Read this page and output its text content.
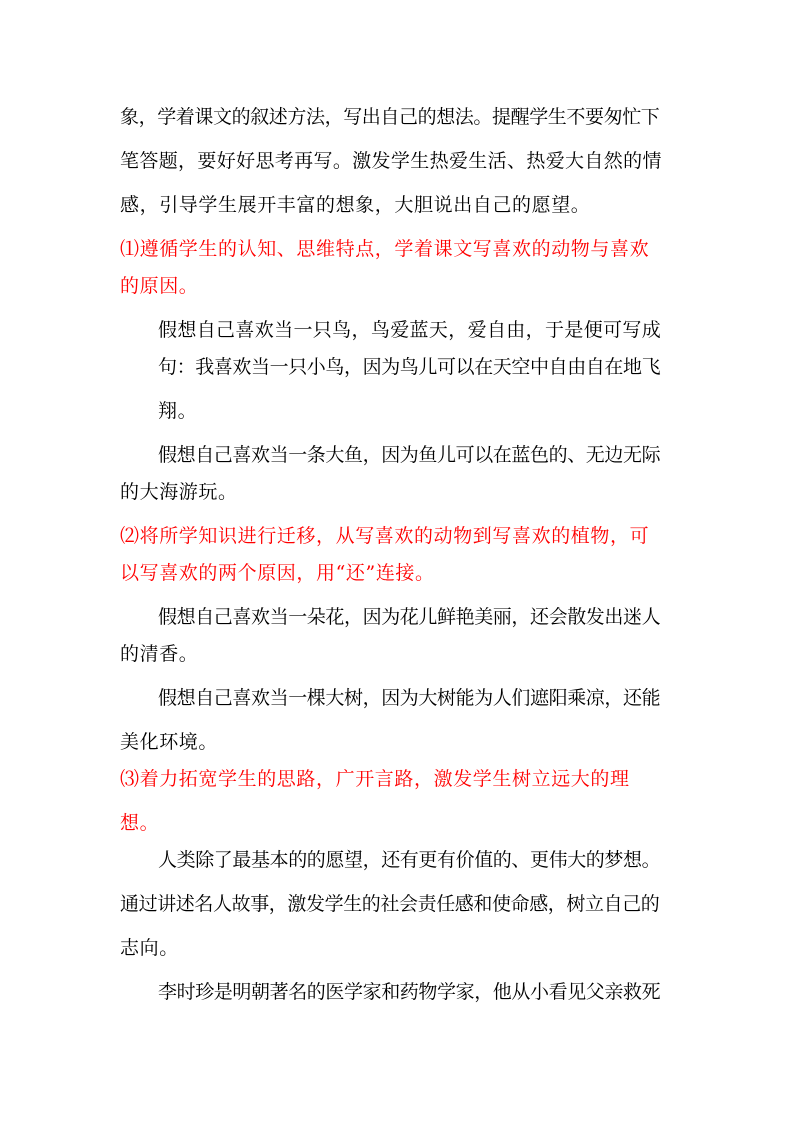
象，学着课文的叙述方法，写出自己的想法。提醒学生不要匆忙下
笔答题，要好好思考再写。激发学生热爱生活、热爱大自然的情
感，引导学生展开丰富的想象，大胆说出自己的愿望。
⑴遵循学生的认知、思维特点，学着课文写喜欢的动物与喜欢
的原因。
假想自己喜欢当一只鸟，鸟爱蓝天，爱自由，于是便可写成
句：我喜欢当一只小鸟，因为鸟儿可以在天空中自由自在地飞
翔。
假想自己喜欢当一条大鱼，因为鱼儿可以在蓝色的、无边无际
的大海游玩。
⑵将所学知识进行迁移，从写喜欢的动物到写喜欢的植物，可
以写喜欢的两个原因，用“还”连接。
假想自己喜欢当一朵花，因为花儿鲜艳美丽，还会散发出迷人
的清香。
假想自己喜欢当一棵大树，因为大树能为人们遮阳乘凉，还能
美化环境。
⑶着力拓宽学生的思路，广开言路，激发学生树立远大的理
想。
人类除了最基本的的愿望，还有更有价值的、更伟大的梦想。
通过讲述名人故事，激发学生的社会责任感和使命感，树立自己的
志向。
李时珍是明朝著名的医学家和药物学家，他从小看见父亲救死
